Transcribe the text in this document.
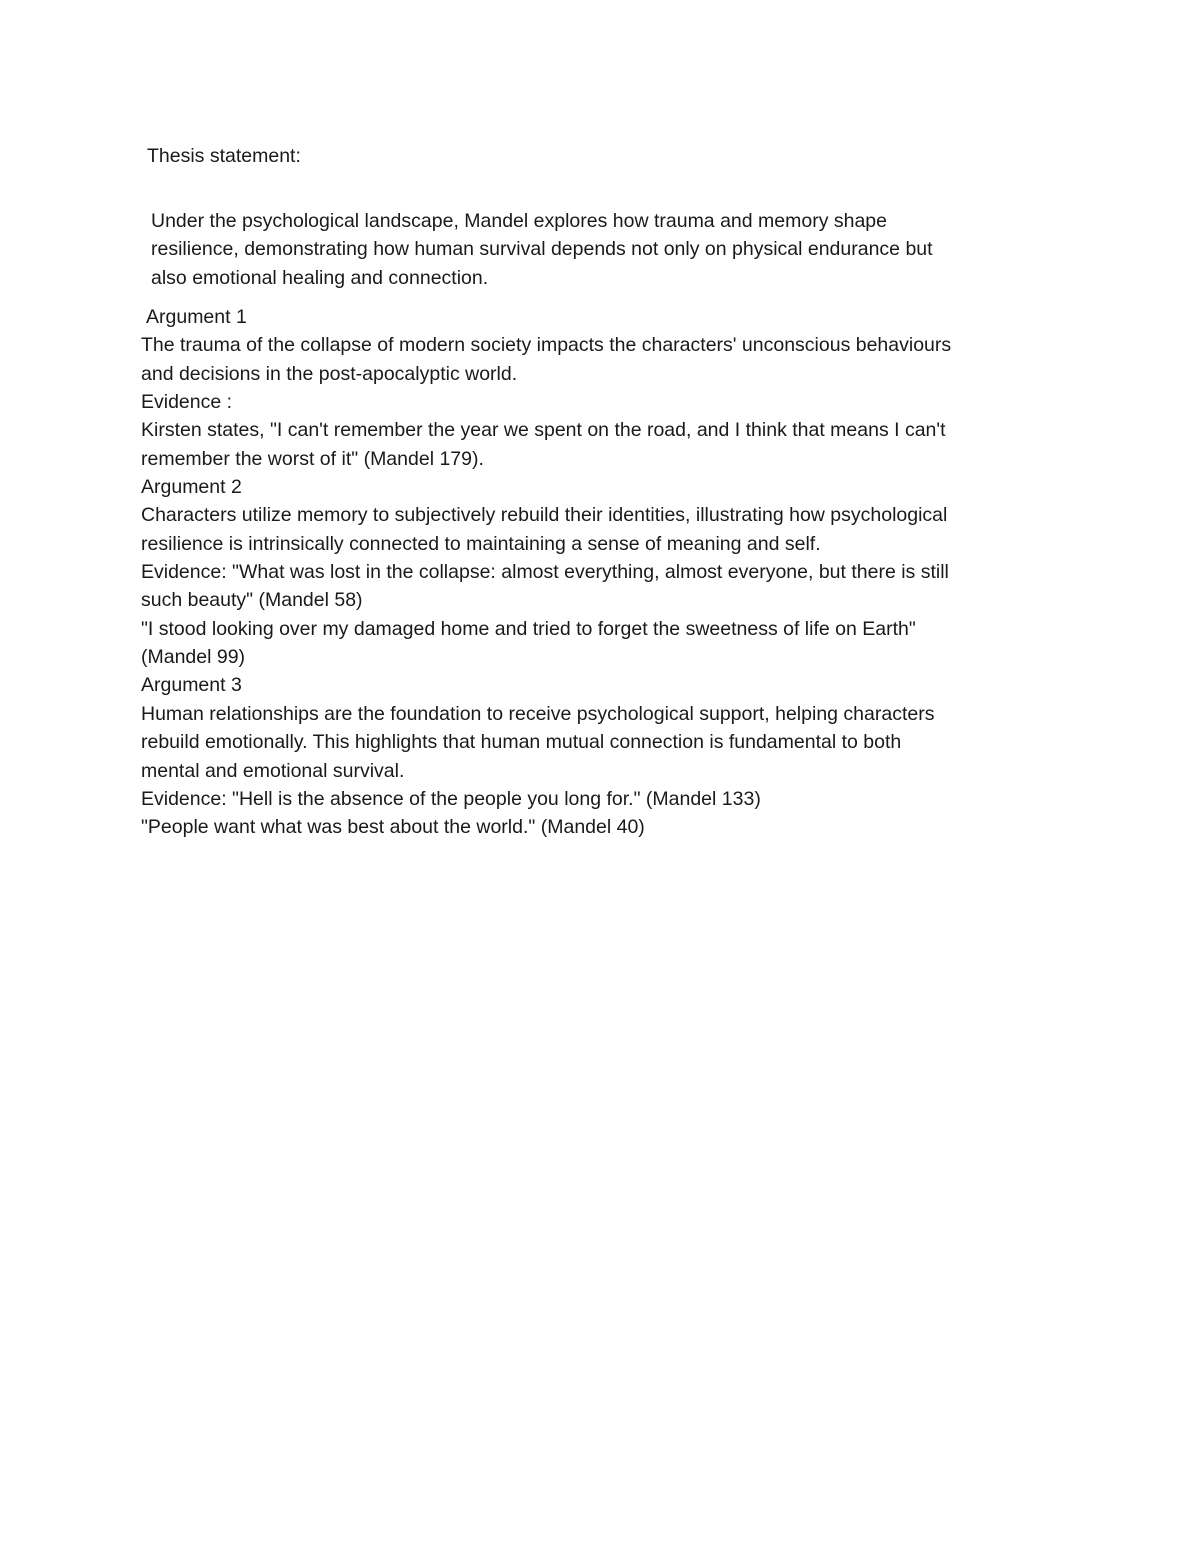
Thesis statement:
Under the psychological landscape, Mandel explores how trauma and memory shape
resilience, demonstrating how human survival depends not only on physical endurance but
also emotional healing and connection.
Argument 1
The trauma of the collapse of modern society impacts the characters' unconscious behaviours
and decisions in the post-apocalyptic world.
Evidence :
Kirsten states, "I can't remember the year we spent on the road, and I think that means I can't
remember the worst of it" (Mandel 179).
Argument 2
Characters utilize memory to subjectively rebuild their identities, illustrating how psychological
resilience is intrinsically connected to maintaining a sense of meaning and self.
Evidence: "What was lost in the collapse: almost everything, almost everyone, but there is still
such beauty" (Mandel 58)
"I stood looking over my damaged home and tried to forget the sweetness of life on Earth"
(Mandel 99)
Argument 3
Human relationships are the foundation to receive psychological support, helping characters
rebuild emotionally. This highlights that human mutual connection is fundamental to both
mental and emotional survival.
Evidence: "Hell is the absence of the people you long for." (Mandel 133)
"People want what was best about the world." (Mandel 40)
